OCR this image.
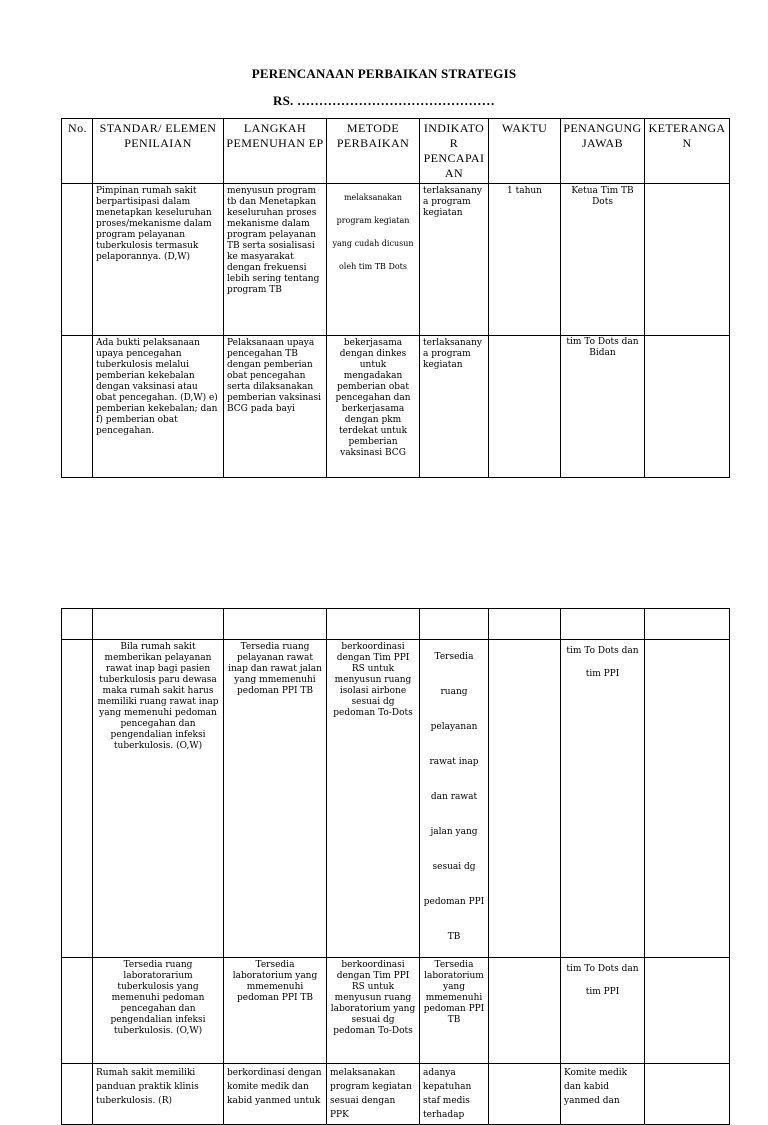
PERENCANAAN PERBAIKAN STRATEGIS
RS. ………………………………………
No.	STANDAR/ ELEMEN PENILAIAN	LANGKAH PEMENUHAN EP	METODE PERBAIKAN	INDIKATOR PENCAPAIAN	WAKTU	PENANGUNG JAWAB	KETERANGAN
	Pimpinan rumah sakit berpartisipasi dalam menetapkan keseluruhan proses/mekanisme dalam program pelayanan tuberkulosis termasuk pelaporannya. (D,W)	menyusun program tb dan Menetapkan keseluruhan proses mekanisme dalam program pelayanan TB serta sosialisasi ke masyarakat dengan frekuensi lebih sering tentang program TB	melaksanakan program kegiatan yang cudah dicusun oleh tim TB Dots	terlaksananya program kegiatan	1 tahun	Ketua Tim TB Dots	
	Ada bukti pelaksanaan upaya pencegahan tuberkulosis melalui pemberian kekebalan dengan vaksinasi atau obat pencegahan. (D,W) e) pemberian kekebalan; dan f) pemberian obat pencegahan.	Pelaksanaan upaya pencegahan TB dengan pemberian obat pencegahan serta dilaksanakan pemberian vaksinasi BCG pada bayi	bekerjasama dengan dinkes untuk mengadakan pemberian obat pencegahan dan berkerjasama dengan pkm terdekat untuk pemberian vaksinasi BCG	terlaksananya program kegiatan		tim To Dots dan Bidan	

	Bila rumah sakit memberikan pelayanan rawat inap bagi pasien tuberkulosis paru dewasa maka rumah sakit harus memiliki ruang rawat inap yang memenuhi pedoman pencegahan dan pengendalian infeksi tuberkulosis. (O,W)	Tersedia ruang pelayanan rawat inap dan rawat jalan yang mmemenuhi pedoman PPI TB	berkoordinasi dengan Tim PPI RS untuk menyusun ruang isolasi airbone sesuai dg pedoman To-Dots	Tersedia ruang pelayanan rawat inap dan rawat jalan yang sesuai dg pedoman PPI TB		tim To Dots dan tim PPI	
	Tersedia ruang laboratorarium tuberkulosis yang memenuhi pedoman pencegahan dan pengendalian infeksi tuberkulosis. (O,W)	Tersedia laboratorium yang mmemenuhi pedoman PPI TB	berkoordinasi dengan Tim PPI RS untuk menyusun ruang laboratorium yang sesuai dg pedoman To-Dots	Tersedia laboratorium yang mmemenuhi pedoman PPI TB		tim To Dots dan tim PPI	
	Rumah sakit memiliki panduan praktik klinis tuberkulosis. (R)	berkordinasi dengan komite medik dan kabid yanmed untuk	melaksanakan program kegiatan sesuai dengan PPK	adanya kepatuhan staf medis terhadap		Komite medik dan kabid yanmed dan	
